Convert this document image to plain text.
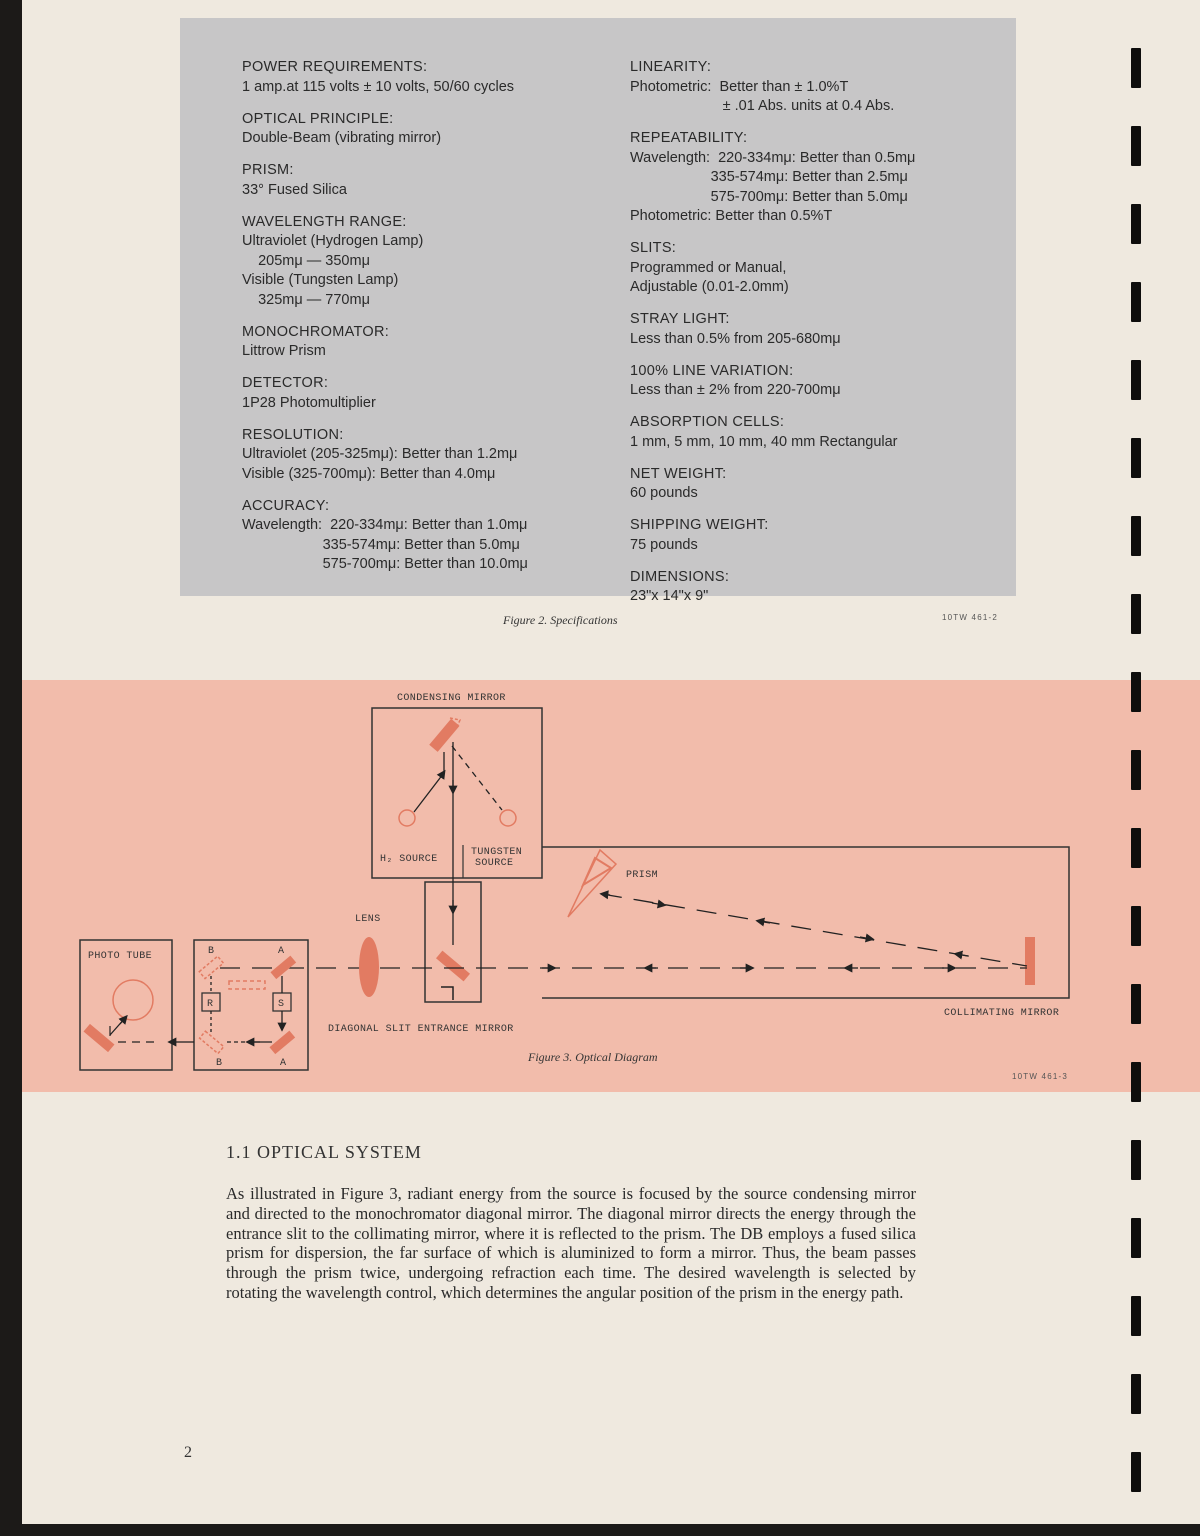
POWER REQUIREMENTS:
1 amp.at 115 volts ± 10 volts, 50/60 cycles
OPTICAL PRINCIPLE:
Double-Beam (vibrating mirror)
PRISM:
33° Fused Silica
WAVELENGTH RANGE:
Ultraviolet (Hydrogen Lamp)
205mμ — 350mμ
Visible (Tungsten Lamp)
325mμ — 770mμ
MONOCHROMATOR:
Littrow Prism
DETECTOR:
1P28 Photomultiplier
RESOLUTION:
Ultraviolet (205-325mμ): Better than 1.2mμ
Visible (325-700mμ): Better than 4.0mμ
ACCURACY:
Wavelength:  220-334mμ: Better than 1.0mμ
335-574mμ: Better than 5.0mμ
575-700mμ: Better than 10.0mμ
LINEARITY:
Photometric:  Better than ± 1.0%T
± .01 Abs. units at 0.4 Abs.
REPEATABILITY:
Wavelength:  220-334mμ: Better than 0.5mμ
335-574mμ: Better than 2.5mμ
575-700mμ: Better than 5.0mμ
Photometric: Better than 0.5%T
SLITS:
Programmed or Manual,
Adjustable (0.01-2.0mm)
STRAY LIGHT:
Less than 0.5% from 205-680mμ
100% LINE VARIATION:
Less than ± 2% from 220-700mμ
ABSORPTION CELLS:
1 mm, 5 mm, 10 mm, 40 mm Rectangular
NET WEIGHT:
60 pounds
SHIPPING WEIGHT:
75 pounds
DIMENSIONS:
23"x 14"x 9"
Figure 2. Specifications	10TW 461-2
CONDENSING MIRROR
H₂ SOURCE
TUNGSTEN
SOURCE
PRISM
COLLIMATING MIRROR
LENS
DIAGONAL SLIT ENTRANCE MIRROR
B	A
B	A
R	S
PHOTO TUBE
Figure 3. Optical Diagram
10TW 461-3
1.1 OPTICAL SYSTEM
As illustrated in Figure 3, radiant energy from the source is focused by the source condensing mirror and directed to the monochromator diagonal mirror. The diagonal mirror directs the energy through the entrance slit to the collimating mirror, where it is reflected to the prism. The DB employs a fused silica prism for dispersion, the far surface of which is aluminized to form a mirror. Thus, the beam passes through the prism twice, undergoing refraction each time. The desired wavelength is selected by rotating the wavelength control, which determines the angular position of the prism in the energy path.
2
